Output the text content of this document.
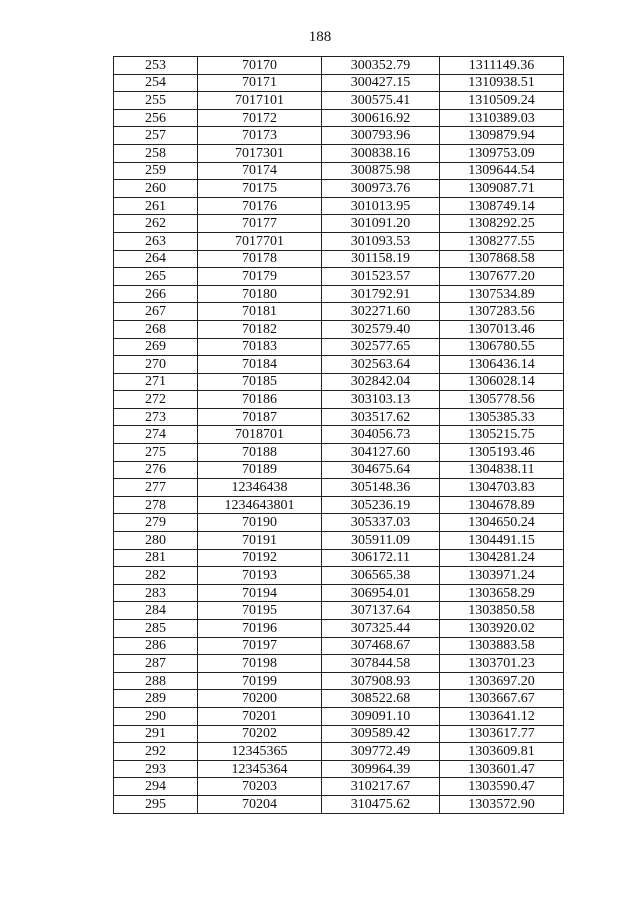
188
253	70170	300352.79	1311149.36
254	70171	300427.15	1310938.51
255	7017101	300575.41	1310509.24
256	70172	300616.92	1310389.03
257	70173	300793.96	1309879.94
258	7017301	300838.16	1309753.09
259	70174	300875.98	1309644.54
260	70175	300973.76	1309087.71
261	70176	301013.95	1308749.14
262	70177	301091.20	1308292.25
263	7017701	301093.53	1308277.55
264	70178	301158.19	1307868.58
265	70179	301523.57	1307677.20
266	70180	301792.91	1307534.89
267	70181	302271.60	1307283.56
268	70182	302579.40	1307013.46
269	70183	302577.65	1306780.55
270	70184	302563.64	1306436.14
271	70185	302842.04	1306028.14
272	70186	303103.13	1305778.56
273	70187	303517.62	1305385.33
274	7018701	304056.73	1305215.75
275	70188	304127.60	1305193.46
276	70189	304675.64	1304838.11
277	12346438	305148.36	1304703.83
278	1234643801	305236.19	1304678.89
279	70190	305337.03	1304650.24
280	70191	305911.09	1304491.15
281	70192	306172.11	1304281.24
282	70193	306565.38	1303971.24
283	70194	306954.01	1303658.29
284	70195	307137.64	1303850.58
285	70196	307325.44	1303920.02
286	70197	307468.67	1303883.58
287	70198	307844.58	1303701.23
288	70199	307908.93	1303697.20
289	70200	308522.68	1303667.67
290	70201	309091.10	1303641.12
291	70202	309589.42	1303617.77
292	12345365	309772.49	1303609.81
293	12345364	309964.39	1303601.47
294	70203	310217.67	1303590.47
295	70204	310475.62	1303572.90
